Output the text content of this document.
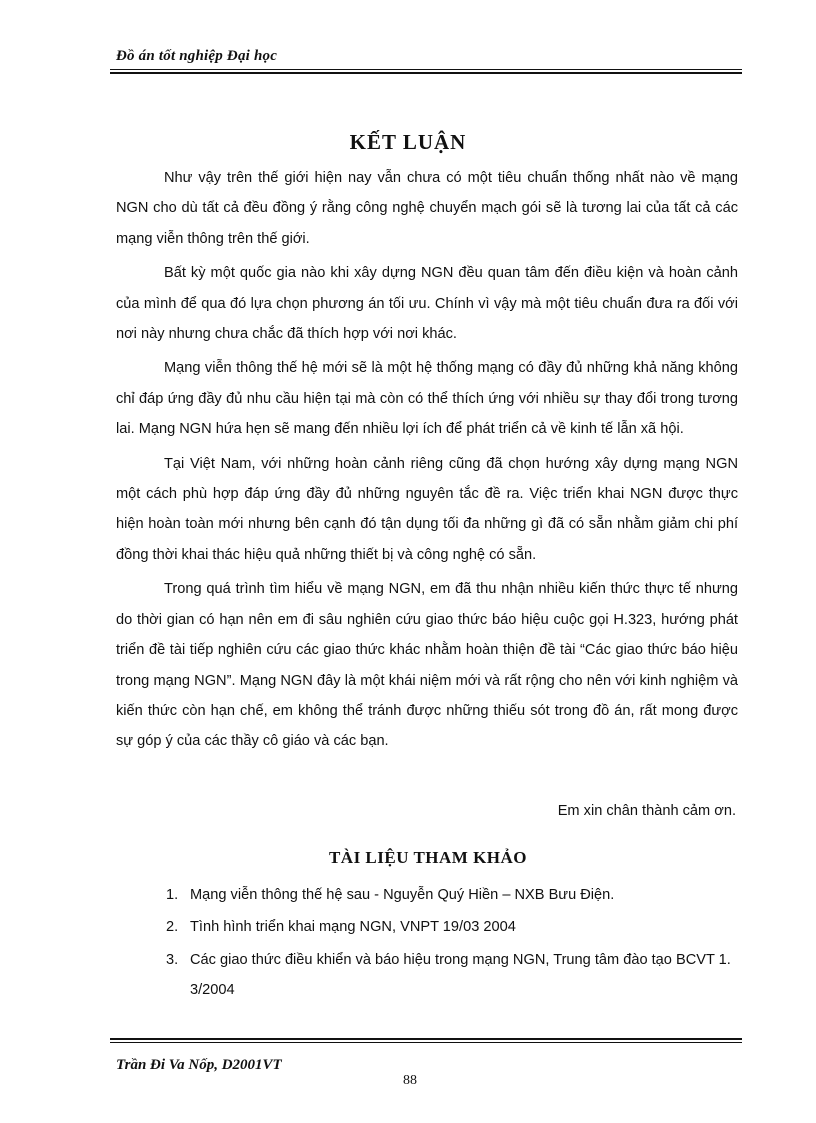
Đồ án tốt nghiệp Đại học
KẾT LUẬN

Như vậy trên thế giới hiện nay vẫn chưa có một tiêu chuẩn thống nhất nào về mạng NGN cho dù tất cả đều đồng ý rằng công nghệ chuyển mạch gói sẽ là tương lai của tất cả các mạng viễn thông trên thế giới.

Bất kỳ một quốc gia nào khi xây dựng NGN đều quan tâm đến điều kiện và hoàn cảnh của mình để qua đó lựa chọn phương án tối ưu. Chính vì vậy mà một tiêu chuẩn đưa ra đối với nơi này nhưng chưa chắc đã thích hợp với nơi khác.

Mạng viễn thông thế hệ mới sẽ là một hệ thống mạng có đầy đủ những khả năng không chỉ đáp ứng đầy đủ nhu cầu hiện tại mà còn có thể thích ứng với nhiều sự thay đổi trong tương lai. Mạng NGN hứa hẹn sẽ mang đến nhiều lợi ích để phát triển cả về kinh tế lẫn xã hội.

Tại Việt Nam, với những hoàn cảnh riêng cũng đã chọn hướng xây dựng mạng NGN một cách phù hợp đáp ứng đầy đủ những nguyên tắc đề ra. Việc triển khai NGN được thực hiện hoàn toàn mới nhưng bên cạnh đó tận dụng tối đa những gì đã có sẵn nhằm giảm chi phí đồng thời khai thác hiệu quả những thiết bị và công nghệ có sẵn.

Trong quá trình tìm hiểu về mạng NGN, em đã thu nhận nhiều kiến thức thực tế nhưng do thời gian có hạn nên em đi sâu nghiên cứu giao thức báo hiệu cuộc gọi H.323, hướng phát triển đề tài tiếp nghiên cứu các giao thức khác nhằm hoàn thiện đề tài “Các giao thức báo hiệu trong mạng NGN”. Mạng NGN đây là một khái niệm mới và rất rộng cho nên với kinh nghiệm và kiến thức còn hạn chế, em không thể tránh được những thiếu sót trong đồ án, rất mong được sự góp ý của các thầy cô giáo và các bạn.

Em xin chân thành cảm ơn.
TÀI LIỆU THAM KHẢO
1. Mạng viễn thông thế hệ sau - Nguyễn Quý Hiền – NXB Bưu Điện.
2. Tình hình triển khai mạng NGN, VNPT 19/03 2004
3. Các giao thức điều khiển và báo hiệu trong mạng NGN, Trung tâm đào tạo BCVT 1. 3/2004
Trần Đi Va Nốp, D2001VT
88
